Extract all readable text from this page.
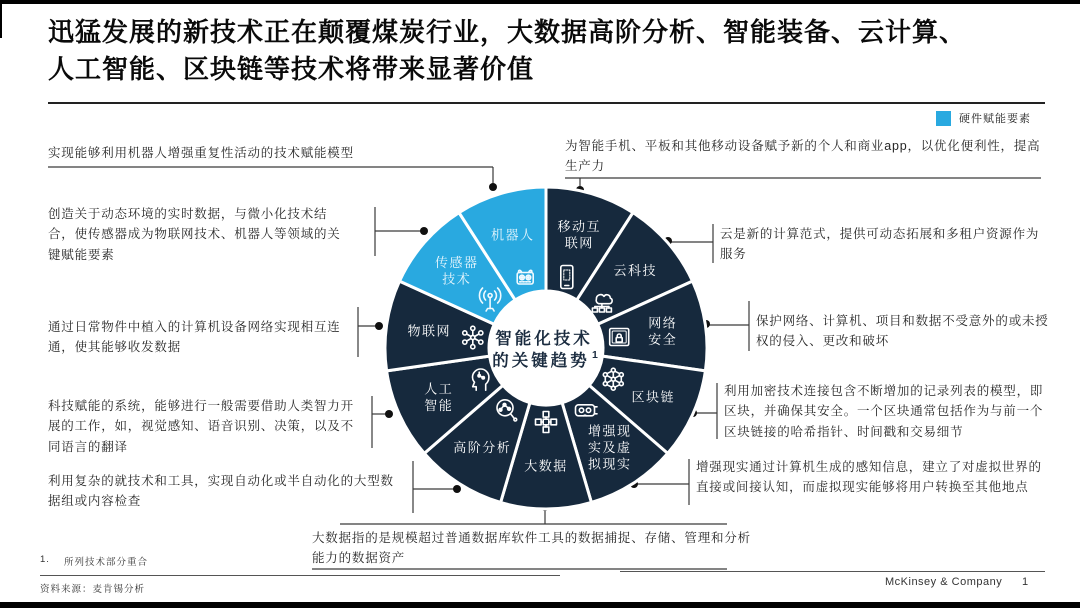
迅猛发展的新技术正在颠覆煤炭行业，大数据高阶分析、智能装备、云计算、
人工智能、区块链等技术将带来显著价值
硬件赋能要素
移动互
联网
云科技
网络
安全
区块链
增强现
实及虚
拟现实
大数据
高阶分析
人工
智能
物联网
传感器
技术
机器人
智能化技术
的关键趋势 1
实现能够利用机器人增强重复性活动的技术赋能模型
创造关于动态环境的实时数据，与微小化技术结合，使传感器成为物联网技术、机器人等领域的关键赋能要素
通过日常物件中植入的计算机设备网络实现相互连通，使其能够收发数据
科技赋能的系统，能够进行一般需要借助人类智力开展的工作，如，视觉感知、语音识别、决策，以及不同语言的翻译
利用复杂的就技术和工具，实现自动化或半自动化的大型数据组或内容检查
为智能手机、平板和其他移动设备赋予新的个人和商业app，以优化便利性，提高生产力
云是新的计算范式，提供可动态拓展和多租户资源作为服务
保护网络、计算机、项目和数据不受意外的或未授权的侵入、更改和破坏
利用加密技术连接包含不断增加的记录列表的模型，即区块，并确保其安全。一个区块通常包括作为与前一个区块链接的哈希指针、时间戳和交易细节
增强现实通过计算机生成的感知信息，建立了对虚拟世界的直接或间接认知，而虚拟现实能够将用户转换至其他地点
大数据指的是规模超过普通数据库软件工具的数据捕捉、存储、管理和分析能力的数据资产
1. 所列技术部分重合
资料来源：麦肯锡分析
McKinsey & Company 1
